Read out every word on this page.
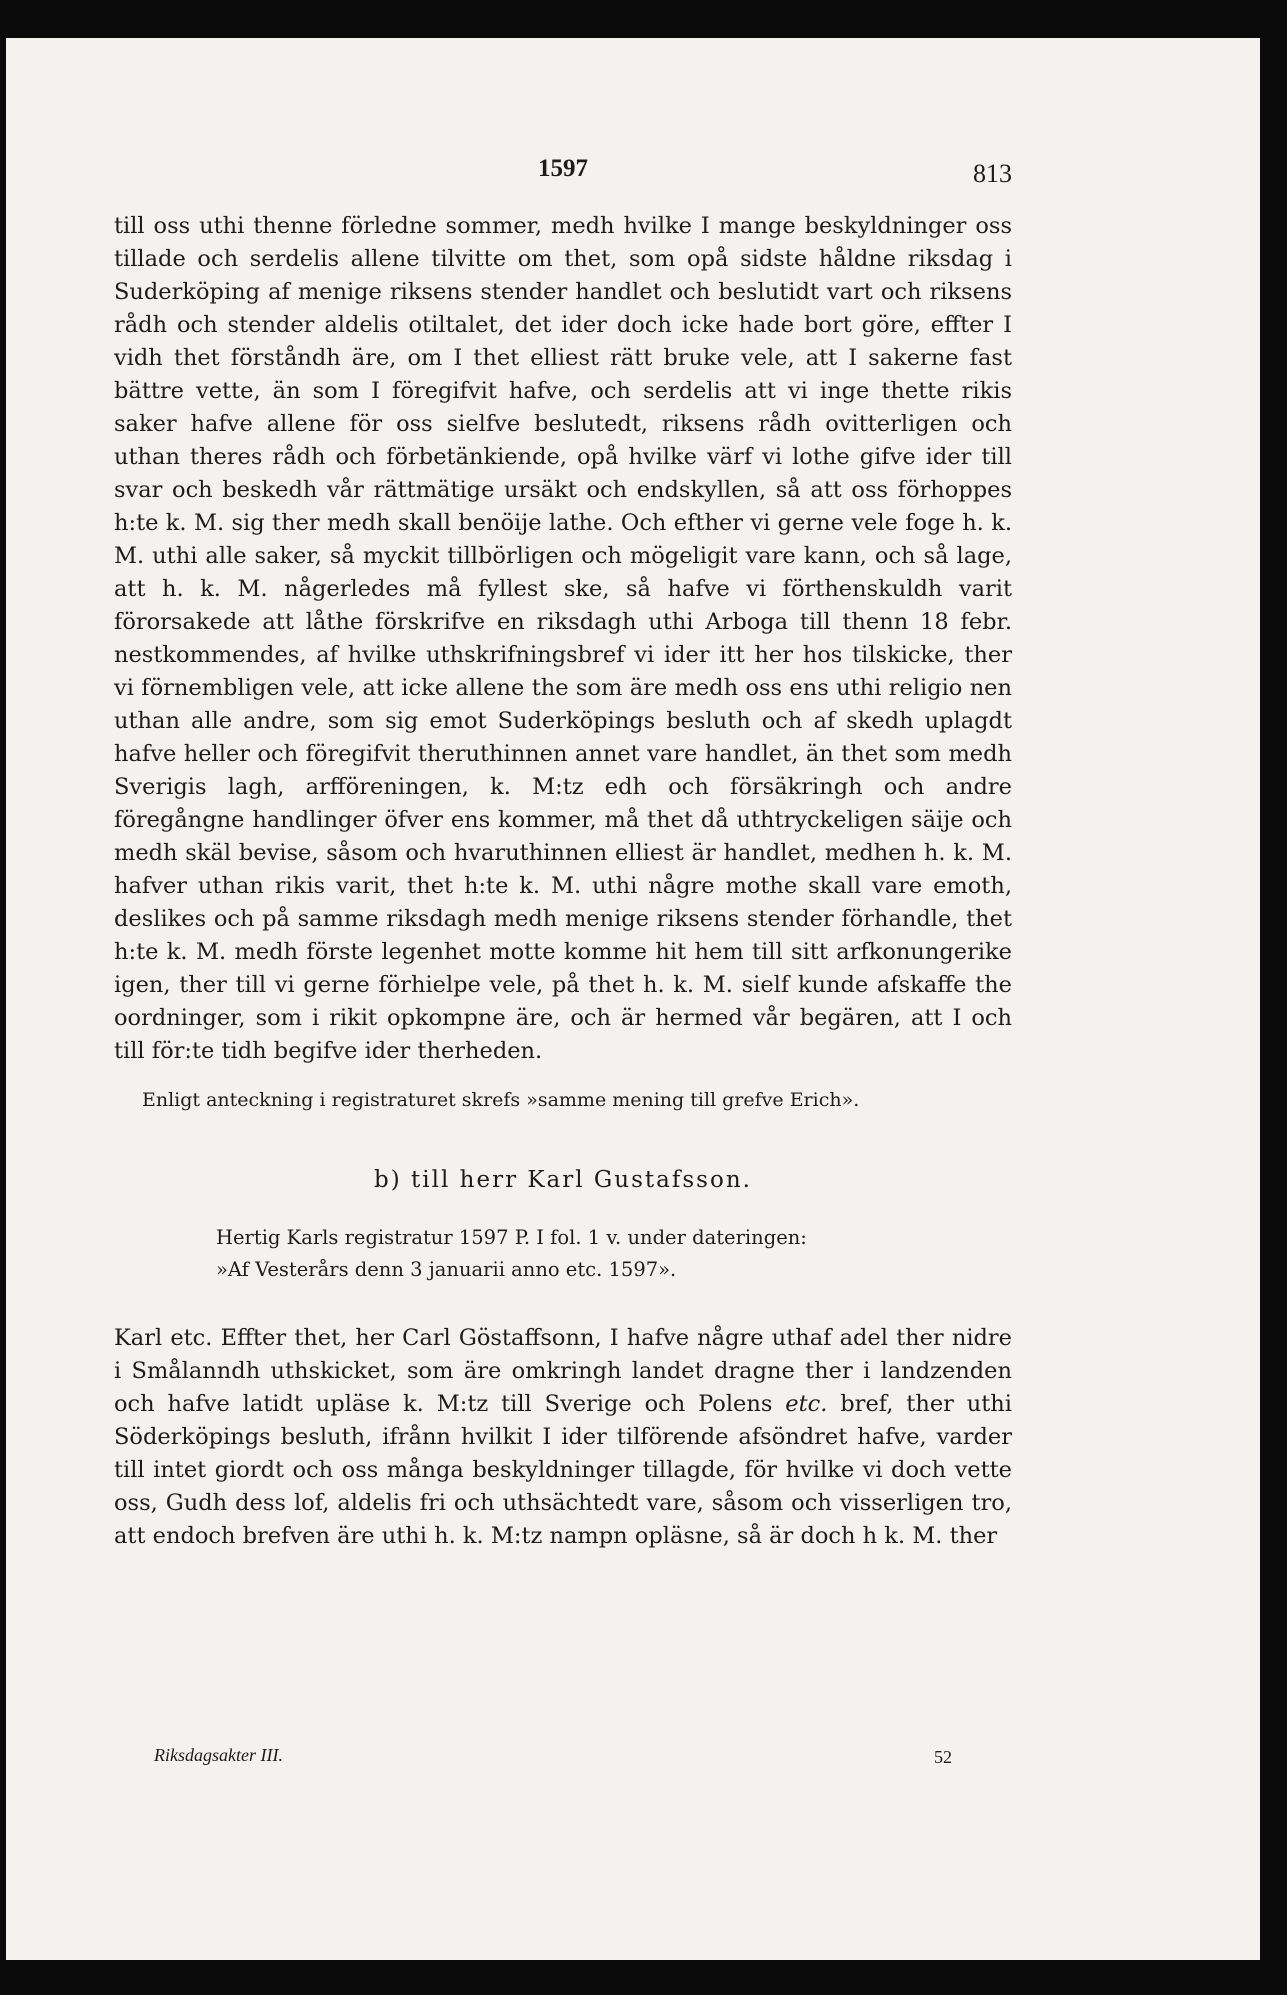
1597	813

till oss uthi thenne förledne sommer, medh hvilke I mange beskyldninger oss tillade och serdelis allene tilvitte om thet, som opå sidste håldne riksdag i Suderköping af menige riksens stender handlet och beslutidt vart och riksens rådh och stender aldelis otiltalet, det ider doch icke hade bort göre, effter I vidh thet förståndh äre, om I thet elliest rätt bruke vele, att I sakerne fast bättre vette, än som I föregifvit hafve, och serdelis att vi inge thette rikis saker hafve allene för oss sielfve beslutedt, riksens rådh ovitterligen och uthan theres rådh och förbetänkiende, opå hvilke värf vi lothe gifve ider till svar och beskedh vår rättmätige ursäkt och endskyllen, så att oss förhoppes h:te k. M. sig ther medh skall benöije lathe. Och efther vi gerne vele foge h. k. M. uthi alle saker, så myckit tillbörligen och mögeligit vare kann, och så lage, att h. k. M. någerledes må fyllest ske, så hafve vi förthenskuldh varit förorsakede att låthe förskrifve en riksdagh uthi Arboga till thenn 18 febr. nestkommendes, af hvilke uthskrifningsbref vi ider itt her hos tilskicke, ther vi förnembligen vele, att icke allene the som äre medh oss ens uthi religio nen uthan alle andre, som sig emot Suderköpings besluth och af skedh uplagdt hafve heller och föregifvit theruthinnen annet vare handlet, än thet som medh Sverigis lagh, arfföreningen, k. M:tz edh och försäkringh och andre föregångne handlinger öfver ens kommer, må thet då uthtryckeligen säije och medh skäl bevise, såsom och hvaruthinnen elliest är handlet, medhen h. k. M. hafver uthan rikis varit, thet h:te k. M. uthi någre mothe skall vare emoth, deslikes och på samme riksdagh medh menige riksens stender förhandle, thet h:te k. M. medh förste legenhet motte komme hit hem till sitt arfkonungerike igen, ther till vi gerne förhielpe vele, på thet h. k. M. sielf kunde afskaffe the oordninger, som i rikit opkompne äre, och är hermed vår begären, att I och till för:te tidh begifve ider therheden.

Enligt anteckning i registraturet skrefs »samme mening till grefve Erich».

b) till herr Karl Gustafsson.

Hertig Karls registratur 1597 P. I fol. 1 v. under dateringen:
»Af Vesterårs denn 3 januarii anno etc. 1597».

Karl etc. Effter thet, her Carl Göstaffsonn, I hafve någre uthaf adel ther nidre i Smålanndh uthskicket, som äre omkringh landet dragne ther i landzenden och hafve latidt upläse k. M:tz till Sverige och Polens etc. bref, ther uthi Söderköpings besluth, ifrånn hvilkit I ider tilförende afsöndret hafve, varder till intet giordt och oss många beskyldninger tillagde, för hvilke vi doch vette oss, Gudh dess lof, aldelis fri och uthsächtedt vare, såsom och visserligen tro, att endoch brefven äre uthi h. k. M:tz nampn opläsne, så är doch h k. M. ther

Riksdagsakter III.	52
